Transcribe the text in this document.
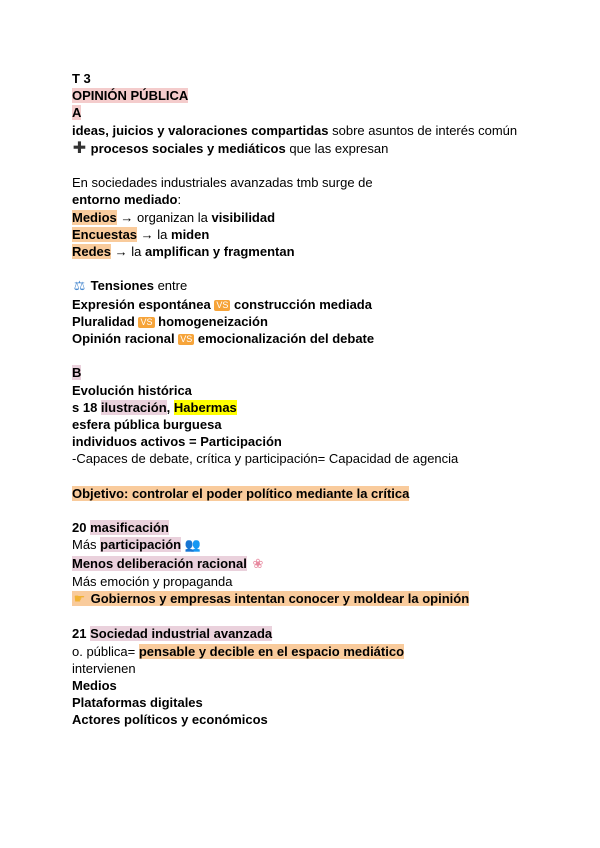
T 3
OPINIÓN PÚBLICA
A
ideas, juicios y valoraciones compartidas sobre asuntos de interés común
✚ procesos sociales y mediáticos que las expresan
En sociedades industriales avanzadas tmb surge de
entorno mediado:
Medios → organizan la visibilidad
Encuestas → la miden
Redes → la amplifican y fragmentan
⚖ Tensiones entre
Expresión espontánea VS construcción mediada
Pluralidad VS homogeneización
Opinión racional VS emocionalización del debate
B
Evolución histórica
s 18 ilustración, Habermas
esfera pública burguesa
individuos activos = Participación
-Capaces de debate, crítica y participación= Capacidad de agencia
Objetivo: controlar el poder político mediante la crítica
20 masificación
Más participación 👥
Menos deliberación racional ❀
Más emoción y propaganda
☛ Gobiernos y empresas intentan conocer y moldear la opinión
21 Sociedad industrial avanzada
o. pública= pensable y decible en el espacio mediático
intervienen
Medios
Plataformas digitales
Actores políticos y económicos
